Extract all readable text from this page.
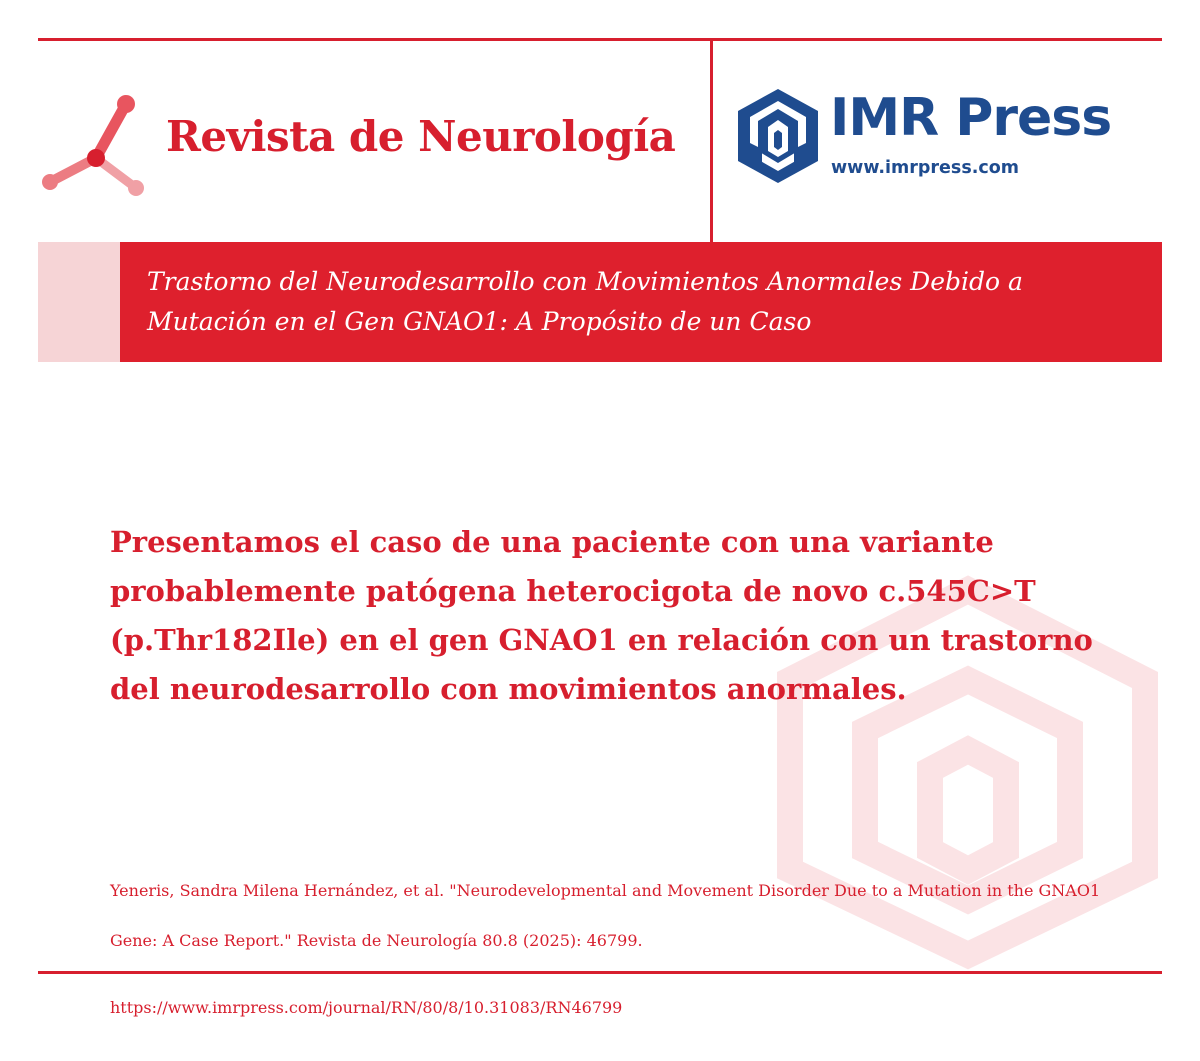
Revista de Neurología	IMR Press
www.imrpress.com
Trastorno del Neurodesarrollo con Movimientos Anormales Debido a Mutación en el Gen GNAO1: A Propósito de un Caso
Presentamos el caso de una paciente con una variante probablemente patógena heterocigota de novo c.545C>T (p.Thr182Ile) en el gen GNAO1 en relación con un trastorno del neurodesarrollo con movimientos anormales.
Yeneris, Sandra Milena Hernández, et al. "Neurodevelopmental and Movement Disorder Due to a Mutation in the GNAO1 Gene: A Case Report." Revista de Neurología 80.8 (2025): 46799.
https://www.imrpress.com/journal/RN/80/8/10.31083/RN46799
